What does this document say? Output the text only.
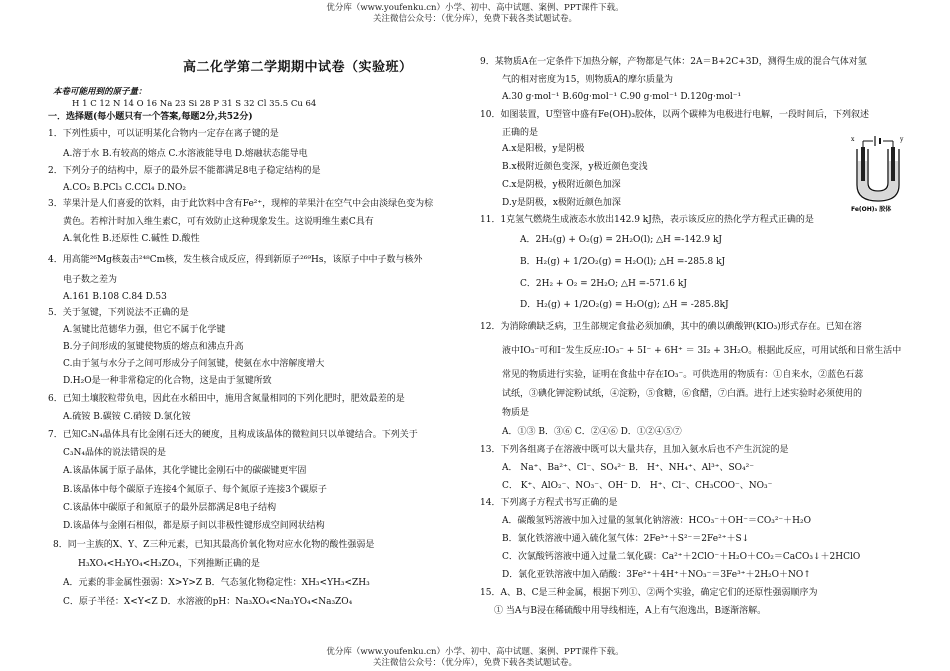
优分库（www.youfenku.cn）小学、初中、高中试题、案例、PPT课件下载。
关注微信公众号：（优分库），免费下载各类试题试卷。
高二化学第二学期期中试卷（实验班）
本卷可能用到的原子量：
H 1 C 12 N 14 O 16 Na 23 Si 28 P 31 S 32 Cl 35.5 Cu 64
一．选择题(每小题只有一个答案,每题2分,共52分)
1．下列性质中，可以证明某化合物内一定存在离子键的是
A.溶于水 B.有较高的熔点 C.水溶液能导电 D.熔融状态能导电
2．下列分子的结构中，原子的最外层不能都满足8电子稳定结构的是
A.CO₂ B.PCl₃ C.CCl₄ D.NO₂
3．苹果汁是人们喜爱的饮料，由于此饮料中含有Fe²⁺，现榨的苹果汁在空气中会由淡绿色变为棕
黄色。若榨汁时加入维生素C，可有效防止这种现象发生。这说明维生素C具有
A.氧化性 B.还原性 C.碱性 D.酸性
4．用高能²⁶Mg核轰击²⁴⁸Cm核，发生核合成反应，得到新原子²⁶⁹Hs，该原子中中子数与核外
电子数之差为
A.161 B.108 C.84 D.53
5．关于氢键，下列说法不正确的是
A.氢键比范德华力强，但它不属于化学键
B.分子间形成的氢键使物质的熔点和沸点升高
C.由于氢与水分子之间可形成分子间氢键，使氨在水中溶解度增大
D.H₂O是一种非常稳定的化合物，这是由于氢键所致
6．已知土壤胶粒带负电，因此在水稻田中，施用含氮量相同的下列化肥时，肥效最差的是
A.硫铵 B.碳铵 C.硝铵 D.氯化铵
7．已知C₃N₄晶体具有比金刚石还大的硬度，且构成该晶体的微粒间只以单键结合。下列关于
C₃N₄晶体的说法错误的是
A.该晶体属于原子晶体，其化学键比金刚石中的碳碳键更牢固
B.该晶体中每个碳原子连接4个氮原子、每个氮原子连接3个碳原子
C.该晶体中碳原子和氮原子的最外层都满足8电子结构
D.该晶体与金刚石相似，都是原子间以非极性键形成空间网状结构
8．同一主族的X、Y、Z三种元素，已知其最高价氧化物对应水化物的酸性强弱是
H₃XO₄<H₃YO₄<H₃ZO₄，下列推断正确的是
A．元素的非金属性强弱：X>Y>Z B．气态氢化物稳定性：XH₃<YH₃<ZH₃
C．原子半径：X<Y<Z D．水溶液的pH：Na₃XO₄<Na₃YO₄<Na₃ZO₄
9．某物质A在一定条件下加热分解，产物都是气体：2A＝B+2C+3D，测得生成的混合气体对氢
气的相对密度为15，则物质A的摩尔质量为
A.30 g·mol⁻¹ B.60g·mol⁻¹ C.90 g·mol⁻¹ D.120g·mol⁻¹
10．如图装置，U型管中盛有Fe(OH)₃胶体，以两个碳棒为电极进行电解，一段时间后，下列叙述
正确的是
A.x是阳极，y是阴极
B.x极附近颜色变深，y极近颜色变浅
C.x是阴极，y极附近颜色加深
D.y是阴极，x极附近颜色加深
11．1克氢气燃烧生成液态水放出142.9 kJ热，表示该反应的热化学方程式正确的是
A．2H₂(g) + O₂(g) = 2H₂O(l); △H =-142.9 kJ
B．H₂(g) + 1/2O₂(g) = H₂O(l); △H =-285.8 kJ
C．2H₂ + O₂ = 2H₂O; △H =-571.6 kJ
D．H₂(g) + 1/2O₂(g) = H₂O(g); △H = -285.8kJ
12．为消除碘缺乏病，卫生部规定食盐必须加碘，其中的碘以碘酸钾(KIO₃)形式存在。已知在溶
液中IO₃⁻可和I⁻发生反应:IO₃⁻ + 5I⁻ + 6H⁺ ＝ 3I₂ + 3H₂O。根据此反应，可用试纸和日常生活中
常见的物质进行实验，证明在食盐中存在IO₃⁻。可供选用的物质有：①自来水，②蓝色石蕊
试纸，③碘化钾淀粉试纸，④淀粉，⑤食糖，⑥食醋，⑦白酒。进行上述实验时必须使用的
物质是
A．①③ B．③⑥ C．②④⑥ D．①②④⑤⑦
13．下列各组离子在溶液中既可以大量共存，且加入氨水后也不产生沉淀的是
A． Na⁺、Ba²⁺、Cl⁻、SO₄²⁻ B． H⁺、NH₄⁺、Al³⁺、SO₄²⁻
C． K⁺、AlO₂⁻、NO₃⁻、OH⁻ D． H⁺、Cl⁻、CH₃COO⁻、NO₃⁻
14．下列离子方程式书写正确的是
A．碳酸氢钙溶液中加入过量的氢氧化钠溶液：HCO₃⁻＋OH⁻＝CO₃²⁻＋H₂O
B．氯化铁溶液中通入硫化氢气体：2Fe³⁺＋S²⁻＝2Fe²⁺＋S↓
C．次氯酸钙溶液中通入过量二氧化碳：Ca²⁺＋2ClO⁻＋H₂O＋CO₂＝CaCO₃↓＋2HClO
D．氯化亚铁溶液中加入硝酸：3Fe²⁺＋4H⁺＋NO₃⁻＝3Fe³⁺＋2H₂O＋NO↑
15．A、B、C是三种金属，根据下列①、②两个实验，确定它们的还原性强弱顺序为
① 当A与B浸在稀硫酸中用导线相连，A上有气泡逸出，B逐渐溶解。
x	y
Fe(OH)₃ 胶体
优分库（www.youfenku.cn）小学、初中、高中试题、案例、PPT课件下载。
关注微信公众号：（优分库），免费下载各类试题试卷。
